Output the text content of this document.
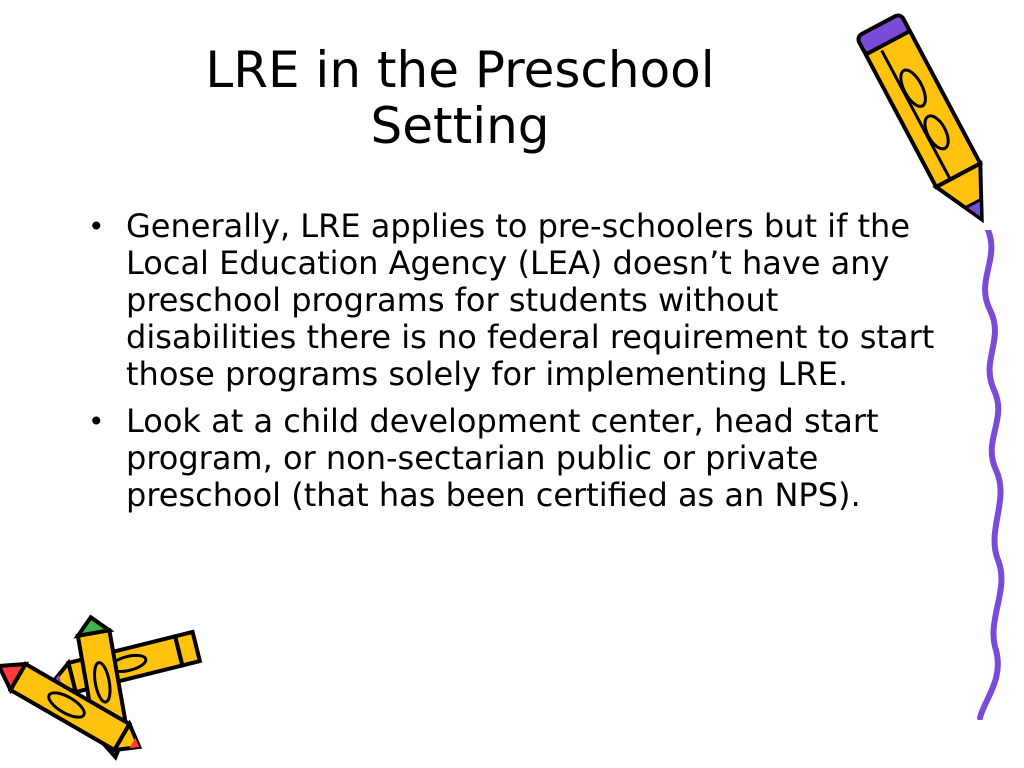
LRE in the Preschool
Setting
• Generally, LRE applies to pre-schoolers but if the Local Education Agency (LEA) doesn’t have any preschool programs for students without disabilities there is no federal requirement to start those programs solely for implementing LRE.
• Look at a child development center, head start program, or non-sectarian public or private preschool (that has been certified as an NPS).
